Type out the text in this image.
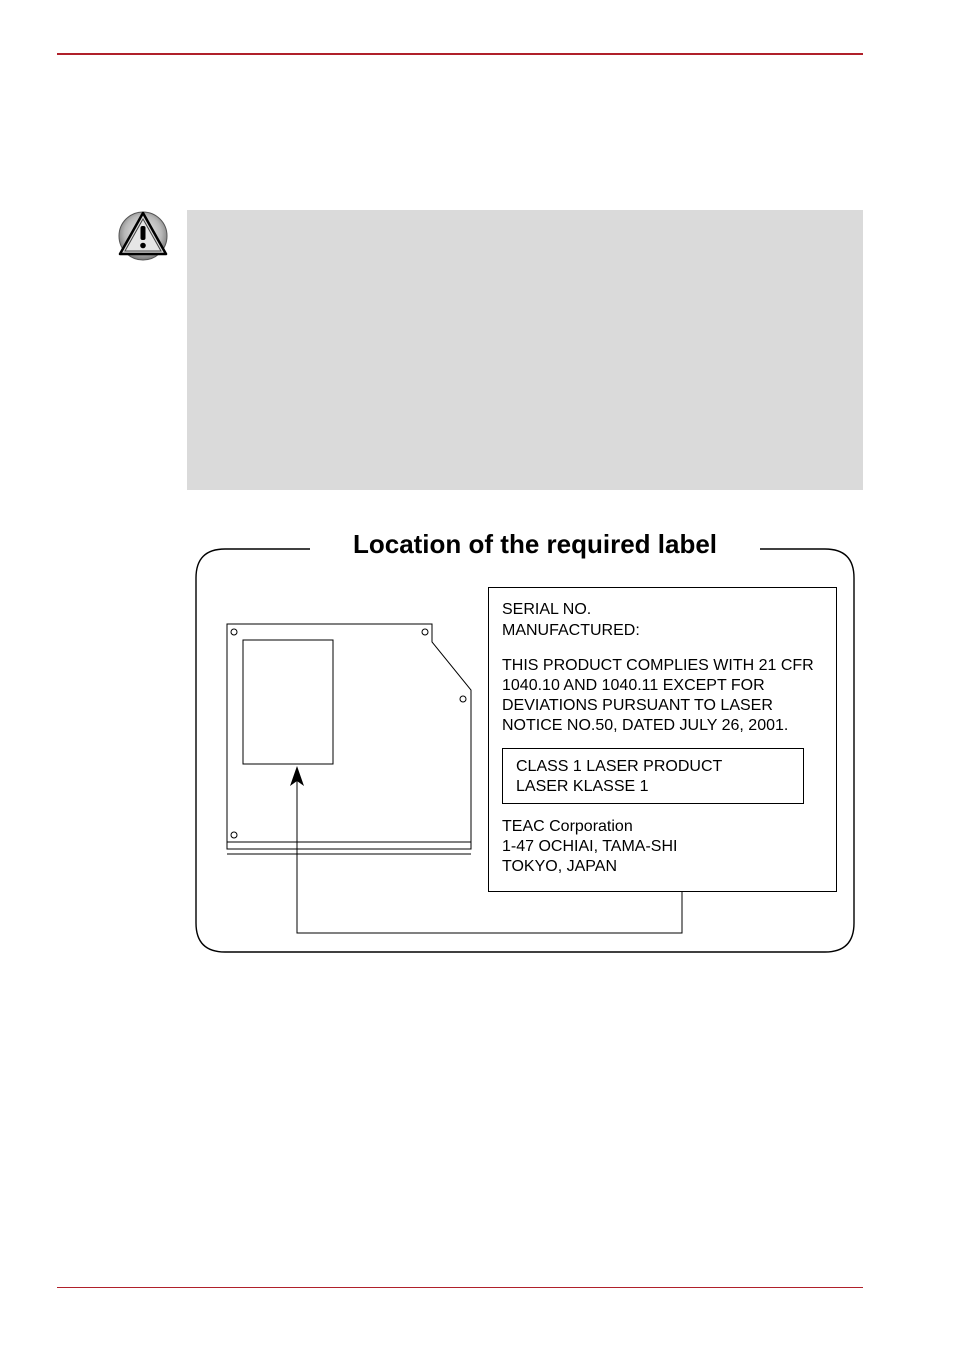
Location of the required label
SERIAL NO.
MANUFACTURED:
THIS PRODUCT COMPLIES WITH 21 CFR
1040.10 AND 1040.11 EXCEPT FOR
DEVIATIONS PURSUANT TO LASER
NOTICE NO.50, DATED JULY 26, 2001.
CLASS 1 LASER PRODUCT
LASER KLASSE 1
TEAC Corporation
1-47 OCHIAI, TAMA-SHI
TOKYO, JAPAN
